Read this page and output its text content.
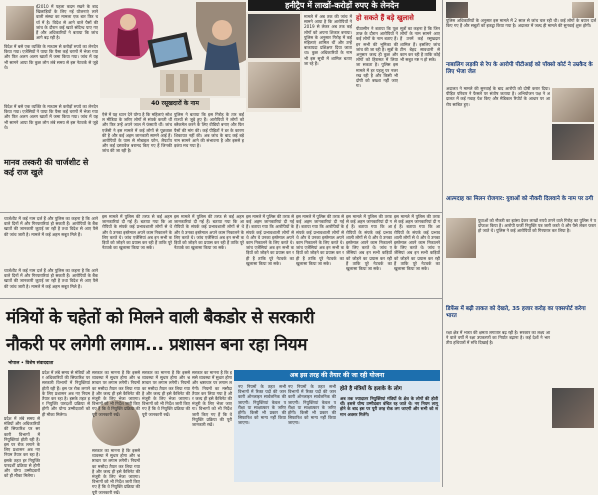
ई2010 में पहला कदम रखने के बाद खिलाड़ियों के लिए नई योजनाएं लाने वाली संस्था का मामला एक बार फिर चर्चा में है। विदेश से आने वाले पैसों की जांच के दौरान कई खाते संदिग्ध पाए गए हैं और अधिकारियों ने बताया कि जांच आगे बढ़ रही है।
विदेश में बसे एक व्यक्ति के माध्यम से करोड़ों रुपये का लेनदेन किया गया। एजेंसियों ने पाया कि पैसा कई चरणों में भेजा गया और फिर अलग अलग खातों में जमा किया गया। जांच में यह भी सामने आया कि कुछ लोग लंबे समय से इस नेटवर्क से जुड़े थे।
विदेश में बसे एक व्यक्ति के माध्यम से करोड़ों रुपये का लेनदेन किया गया। एजेंसियों ने पाया कि पैसा कई चरणों में भेजा गया और फिर अलग अलग खातों में जमा किया गया। जांच में यह भी सामने आया कि कुछ लोग लंबे समय से इस नेटवर्क से जुड़े थे।
मानव तस्करी की चार्जशीट से कई राज खुले
चार्जशीट में कई नाम दर्ज हैं और पुलिस का कहना है कि आने वाले दिनों में और गिरफ्तारियां हो सकती हैं। आरोपियों के बैंक खातों की जानकारी जुटाई जा रही है तथा विदेश से आए पैसे की जांच जारी है। मामले में कई अहम सबूत मिले हैं।
हनीट्रैप में लाखों-करोड़ों रुपए के लेनदेन
40 रसूखदारों के नाम
ऐसे में यह ध्यान देने योग्य है कि महिलाएं सोशल मीडिया के जरिए लोगों से संपर्क करती थीं और फिर उन्हें अपने जाल में फंसाती थीं। जांच एजेंसी ने इस मामले में कई लोगों से पूछताछ की है और कई अहम जानकारी सामने आई हैं। आरोपियों के पास से मोबाइल फोन, लैपटॉप और कई दस्तावेज बरामद किए गए हैं जिनकी जांच की जा रही है।
पुलिस ने बताया कि इस गिरोह के तार कई राज्यों से जुड़े हुए हैं। आरोपियों ने लोगों को ब्लैकमेल करने के लिए वीडियो बनाए और फिर पैसों की मांग की। कई पीड़ितों ने डर के कारण शिकायत नहीं की। अब जांच के बाद कई बड़े नाम सामने आने की संभावना है और इससे हड़कंप मच गया है।
मामले में अब तक की जांच में सामने आया है कि आरोपियों ने 2019 से लेकर अब तक कई लोगों को अपना शिकार बनाया। पुलिस के अनुसार गिरोह में कई महिलाएं शामिल थीं और उन्हें बाकायदा प्रशिक्षण दिया जाता था। कुछ अधिकारियों के नाम भी इस सूची में शामिल बताए जा रहे हैं।
हो सकते हैं बड़े खुलासे
पीठासीन ने बताया कि पूछताछ के दौरान आरोपियों ने कई लोगों के नाम बताए हैं। इन सभी की भूमिका की जांच की जा रही है। सूत्रों के अनुसार जल्द ही कुछ और लोगों को हिरासत में लिया जा सकता है। पुलिस इस मामले में हर पहलू पर नजर रख रही है और किसी भी दोषी को बख्शा नहीं जाएगा।
सूत्रों का कहना है कि जिन लोगों के नाम सामने आए हैं उनमें कई रसूखदार शामिल हैं। इसलिए जांच टीम बेहद सावधानी से काम कर रही है ताकि कोई भी सबूत नष्ट न हो सके।
पुलिस अधिकारियों के अनुसार इस मामले में 2 साल से जांच चल रही थी। कई लोगों के बयान दर्ज किए गए हैं और सबूतों को इकट्ठा किया गया है। अदालत में जल्द ही मामले की सुनवाई शुरू होगी।
नाबालिग लड़की से रेप के आरोपी पीटीआई को पॉक्सो कोर्ट ने उम्रकैद के लिए भेजा जेल
अदालत ने मामले की सुनवाई के बाद आरोपी को दोषी करार दिया। पीड़ित परिवार ने फैसले पर संतोष जताया है। अभियोजन पक्ष ने अदालत में कई गवाह पेश किए और मेडिकल रिपोर्ट के आधार पर आरोप साबित हुए।
आत्मदाह का मिलन रोजगार: युवाओं को नौकरी दिलवाने के नाम पर ठगी
युवाओं को नौकरी का झांसा देकर लाखों रुपये ठगने वाले गिरोह का पुलिस ने पर्दाफाश किया है। आरोपी फर्जी नियुक्ति पत्र जारी करते थे और पैसे लेकर फरार हो जाते थे। पुलिस ने कई आरोपियों को गिरफ्तार कर लिया है।
डिफेंस में बढ़ी ताकत को देखते, 35 हजार करोड़ का एक्सपोर्ट करेगा भारत
रक्षा क्षेत्र में भारत की क्षमता लगातार बढ़ रही है। सरकार का लक्ष्य आने वाले वर्षों में रक्षा उपकरणों का निर्यात बढ़ाना है। कई देशों ने भारतीय हथियारों में रुचि दिखाई है।
इस मामले में पुलिस की तरफ से कई अहम जानकारियां दी गई हैं। बताया गया कि आरोपियों के संपर्क कई प्रभावशाली लोगों से थे और वे उनका इस्तेमाल अपने काम निकालने के लिए करते थे। जांच एजेंसियां अब इन सभी कड़ियों को जोड़ने का प्रयास कर रही हैं ताकि पूरे नेटवर्क का खुलासा किया जा सके।
इस मामले में पुलिस की तरफ से कई अहम जानकारियां दी गई हैं। बताया गया कि आरोपियों के संपर्क कई प्रभावशाली लोगों से थे और वे उनका इस्तेमाल अपने काम निकालने के लिए करते थे। जांच एजेंसियां अब इन सभी कड़ियों को जोड़ने का प्रयास कर रही हैं ताकि पूरे नेटवर्क का खुलासा किया जा सके।
इस मामले में पुलिस की तरफ से कई अहम जानकारियां दी गई हैं। बताया गया कि आरोपियों के संपर्क कई प्रभावशाली लोगों से थे और वे उनका इस्तेमाल अपने काम निकालने के लिए करते थे। जांच एजेंसियां अब इन सभी कड़ियों को जोड़ने का प्रयास कर रही हैं ताकि पूरे नेटवर्क का खुलासा किया जा सके।
इस मामले में पुलिस की तरफ से कई अहम जानकारियां दी गई हैं। बताया गया कि आरोपियों के संपर्क कई प्रभावशाली लोगों से थे और वे उनका इस्तेमाल अपने काम निकालने के लिए करते थे। जांच एजेंसियां अब इन सभी कड़ियों को जोड़ने का प्रयास कर रही हैं ताकि पूरे नेटवर्क का खुलासा किया जा सके।
इस मामले में पुलिस की तरफ से कई अहम जानकारियां दी गई हैं। बताया गया कि आरोपियों के संपर्क कई प्रभावशाली लोगों से थे और वे उनका इस्तेमाल अपने काम निकालने के लिए करते थे। जांच एजेंसियां अब इन सभी कड़ियों को जोड़ने का प्रयास कर रही हैं ताकि पूरे नेटवर्क का खुलासा किया जा सके।
इस मामले में पुलिस की तरफ से कई अहम जानकारियां दी गई हैं। बताया गया कि आरोपियों के संपर्क कई प्रभावशाली लोगों से थे और वे उनका इस्तेमाल अपने काम निकालने के लिए करते थे। जांच एजेंसियां अब इन सभी कड़ियों को जोड़ने का प्रयास कर रही हैं ताकि पूरे नेटवर्क का खुलासा किया जा सके।
चार्जशीट में कई नाम दर्ज हैं और पुलिस का कहना है कि आने वाले दिनों में और गिरफ्तारियां हो सकती हैं। आरोपियों के बैंक खातों की जानकारी जुटाई जा रही है तथा विदेश से आए पैसे की जांच जारी है। मामले में कई अहम सबूत मिले हैं।
मंत्रियों के चहेतों को मिलने वाली बैकडोर से सरकारी
नौकरी पर लगेगी लगाम... प्रशासन बना रहा नियम
भोपाल • विशेष संवाददाता
प्रदेश में लंबे समय से मंत्रियों और अधिकारियों की सिफारिश पर सरकारी विभागों में नियुक्तियां होती रही हैं। इस पर रोक लगाने के लिए प्रशासन अब नए नियम तैयार कर रहा है। इसके तहत हर नियुक्ति पारदर्शी प्रक्रिया से होगी और योग्य उम्मीदवारों को ही मौका मिलेगा।
प्रदेश में लंबे समय से मंत्रियों और अधिकारियों की सिफारिश पर सरकारी विभागों में नियुक्तियां होती रही हैं। इस पर रोक लगाने के लिए प्रशासन अब नए नियम तैयार कर रहा है। इसके तहत हर नियुक्ति पारदर्शी प्रक्रिया से होगी और योग्य उम्मीदवारों को ही मौका मिलेगा।
सरकार का मानना है कि इससे व्यवस्था में सुधार होगा और भ्रष्टाचार पर लगाम लगेगी। नियमों का मसौदा तैयार कर लिया गया है और जल्द ही इसे कैबिनेट की मंजूरी के लिए भेजा जाएगा। विभागों को भी निर्देश जारी किए गए हैं कि वे नियुक्ति प्रक्रिया की पूरी जानकारी रखें।
सरकार का मानना है कि इससे व्यवस्था में सुधार होगा और भ्रष्टाचार पर लगाम लगेगी। नियमों का मसौदा तैयार कर लिया गया है और जल्द ही इसे कैबिनेट की मंजूरी के लिए भेजा जाएगा। विभागों को भी निर्देश जारी किए गए हैं कि वे नियुक्ति प्रक्रिया की पूरी जानकारी रखें।
सरकार का मानना है कि इससे व्यवस्था में सुधार होगा और भ्रष्टाचार पर लगाम लगेगी। नियमों का मसौदा तैयार कर लिया गया है और जल्द ही इसे कैबिनेट की मंजूरी के लिए भेजा जाएगा। विभागों को भी निर्देश जारी किए गए हैं कि वे नियुक्ति प्रक्रिया की पूरी जानकारी रखें।
सरकार का मानना है कि इससे व्यवस्था में सुधार होगा और भ्रष्टाचार पर लगाम लगेगी। नियमों का मसौदा तैयार कर लिया गया है और जल्द ही इसे कैबिनेट की मंजूरी के लिए भेजा जाएगा। विभागों को भी निर्देश जारी किए गए हैं कि वे नियुक्ति प्रक्रिया की पूरी जानकारी रखें।
अब इस तरह की तैयार की जा रही योजना
नए नियमों के तहत सभी विभागों में रिक्त पदों की जानकारी ऑनलाइन सार्वजनिक की जाएगी। नियुक्तियां केवल परीक्षा या साक्षात्कार के जरिए होंगी। किसी भी प्रकार की सिफारिश को मान्य नहीं किया जाएगा।
नए नियमों के तहत सभी विभागों में रिक्त पदों की जानकारी ऑनलाइन सार्वजनिक की जाएगी। नियुक्तियां केवल परीक्षा या साक्षात्कार के जरिए होंगी। किसी भी प्रकार की सिफारिश को मान्य नहीं किया जाएगा।
होते है मंत्रियों के इलाके के लोग
अब तक ज्यादातर नियुक्तियां मंत्रियों के क्षेत्र के लोगों की होती थीं। इससे योग्य उम्मीदवार वंचित रह जाते थे। नए नियम लागू होने के बाद इस पर पूरी तरह रोक लग जाएगी और सभी को समान अवसर मिलेंगे।
